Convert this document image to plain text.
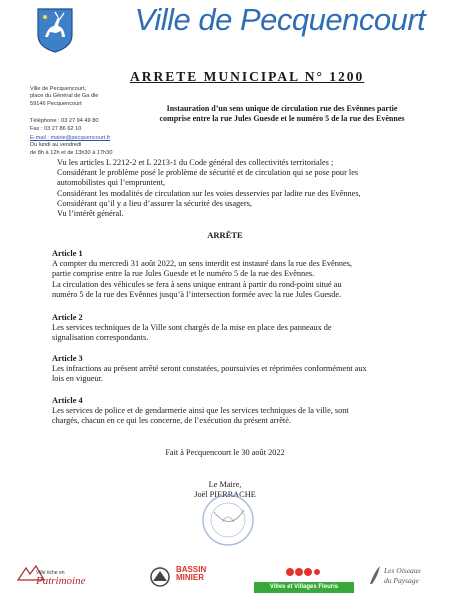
Ville de Pecquencourt
ARRETE MUNICIPAL N° 1200
Ville de Pecquencourt,
place du Général de Ga dle
59146 Pecquencourt
Téléphone : 03 27 94 49 80
Fax : 03 27 86 62 10
E-mail : mairie@pecquencourt.fr
Du lundi au vendredi
de 8h à 12h et de 13h30 à 17h30
Instauration d’un sens unique de circulation rue des Evênnes partie
comprise entre la rue Jules Guesde et le numéro 5 de la rue des Evênnes
Vu les articles L 2212-2 et L 2213-1 du Code général des collectivités territoriales ;
Considérant le problème posé le problème de sécurité et de circulation qui se pose pour les
automobilistes qui l’empruntent,
Considérant les modalités de circulation sur les voies desservies par ladite rue des Evênnes,
Considérant qu’il y a lieu d’assurer la sécurité des usagers,
Vu l’intérêt général.
ARRÊTE
Article 1
A compter du mercredi 31 août 2022, un sens interdit est instauré dans la rue des Evênnes,
partie comprise entre la rue Jules Guesde et le numéro 5 de la rue des Evênnes.
La circulation des véhicules se fera à sens unique entrant à partir du rond-point situé au
numéro 5 de la rue des Evênnes jusqu’à l’intersection formée avec la rue Jules Guesde.
Article 2
Les services techniques de la Ville sont chargés de la mise en place des panneaux de
signalisation correspondants.
Article 3
Les infractions au présent arrêté seront constatées, poursuivies et réprimées conformément aux
lois en vigueur.
Article 4
Les services de police et de gendarmerie ainsi que les services techniques de la ville, sont
chargés, chacun en ce qui les concerne, de l’exécution du présent arrêté.
Fait à Pecquencourt le 30 août 2022
Le Maire,
Joël PIERRACHE
Ville riche en
Patrimoine
BASSIN
MINIER
Villes et Villages Fleuris
Les Oiseaux
du Paysage
